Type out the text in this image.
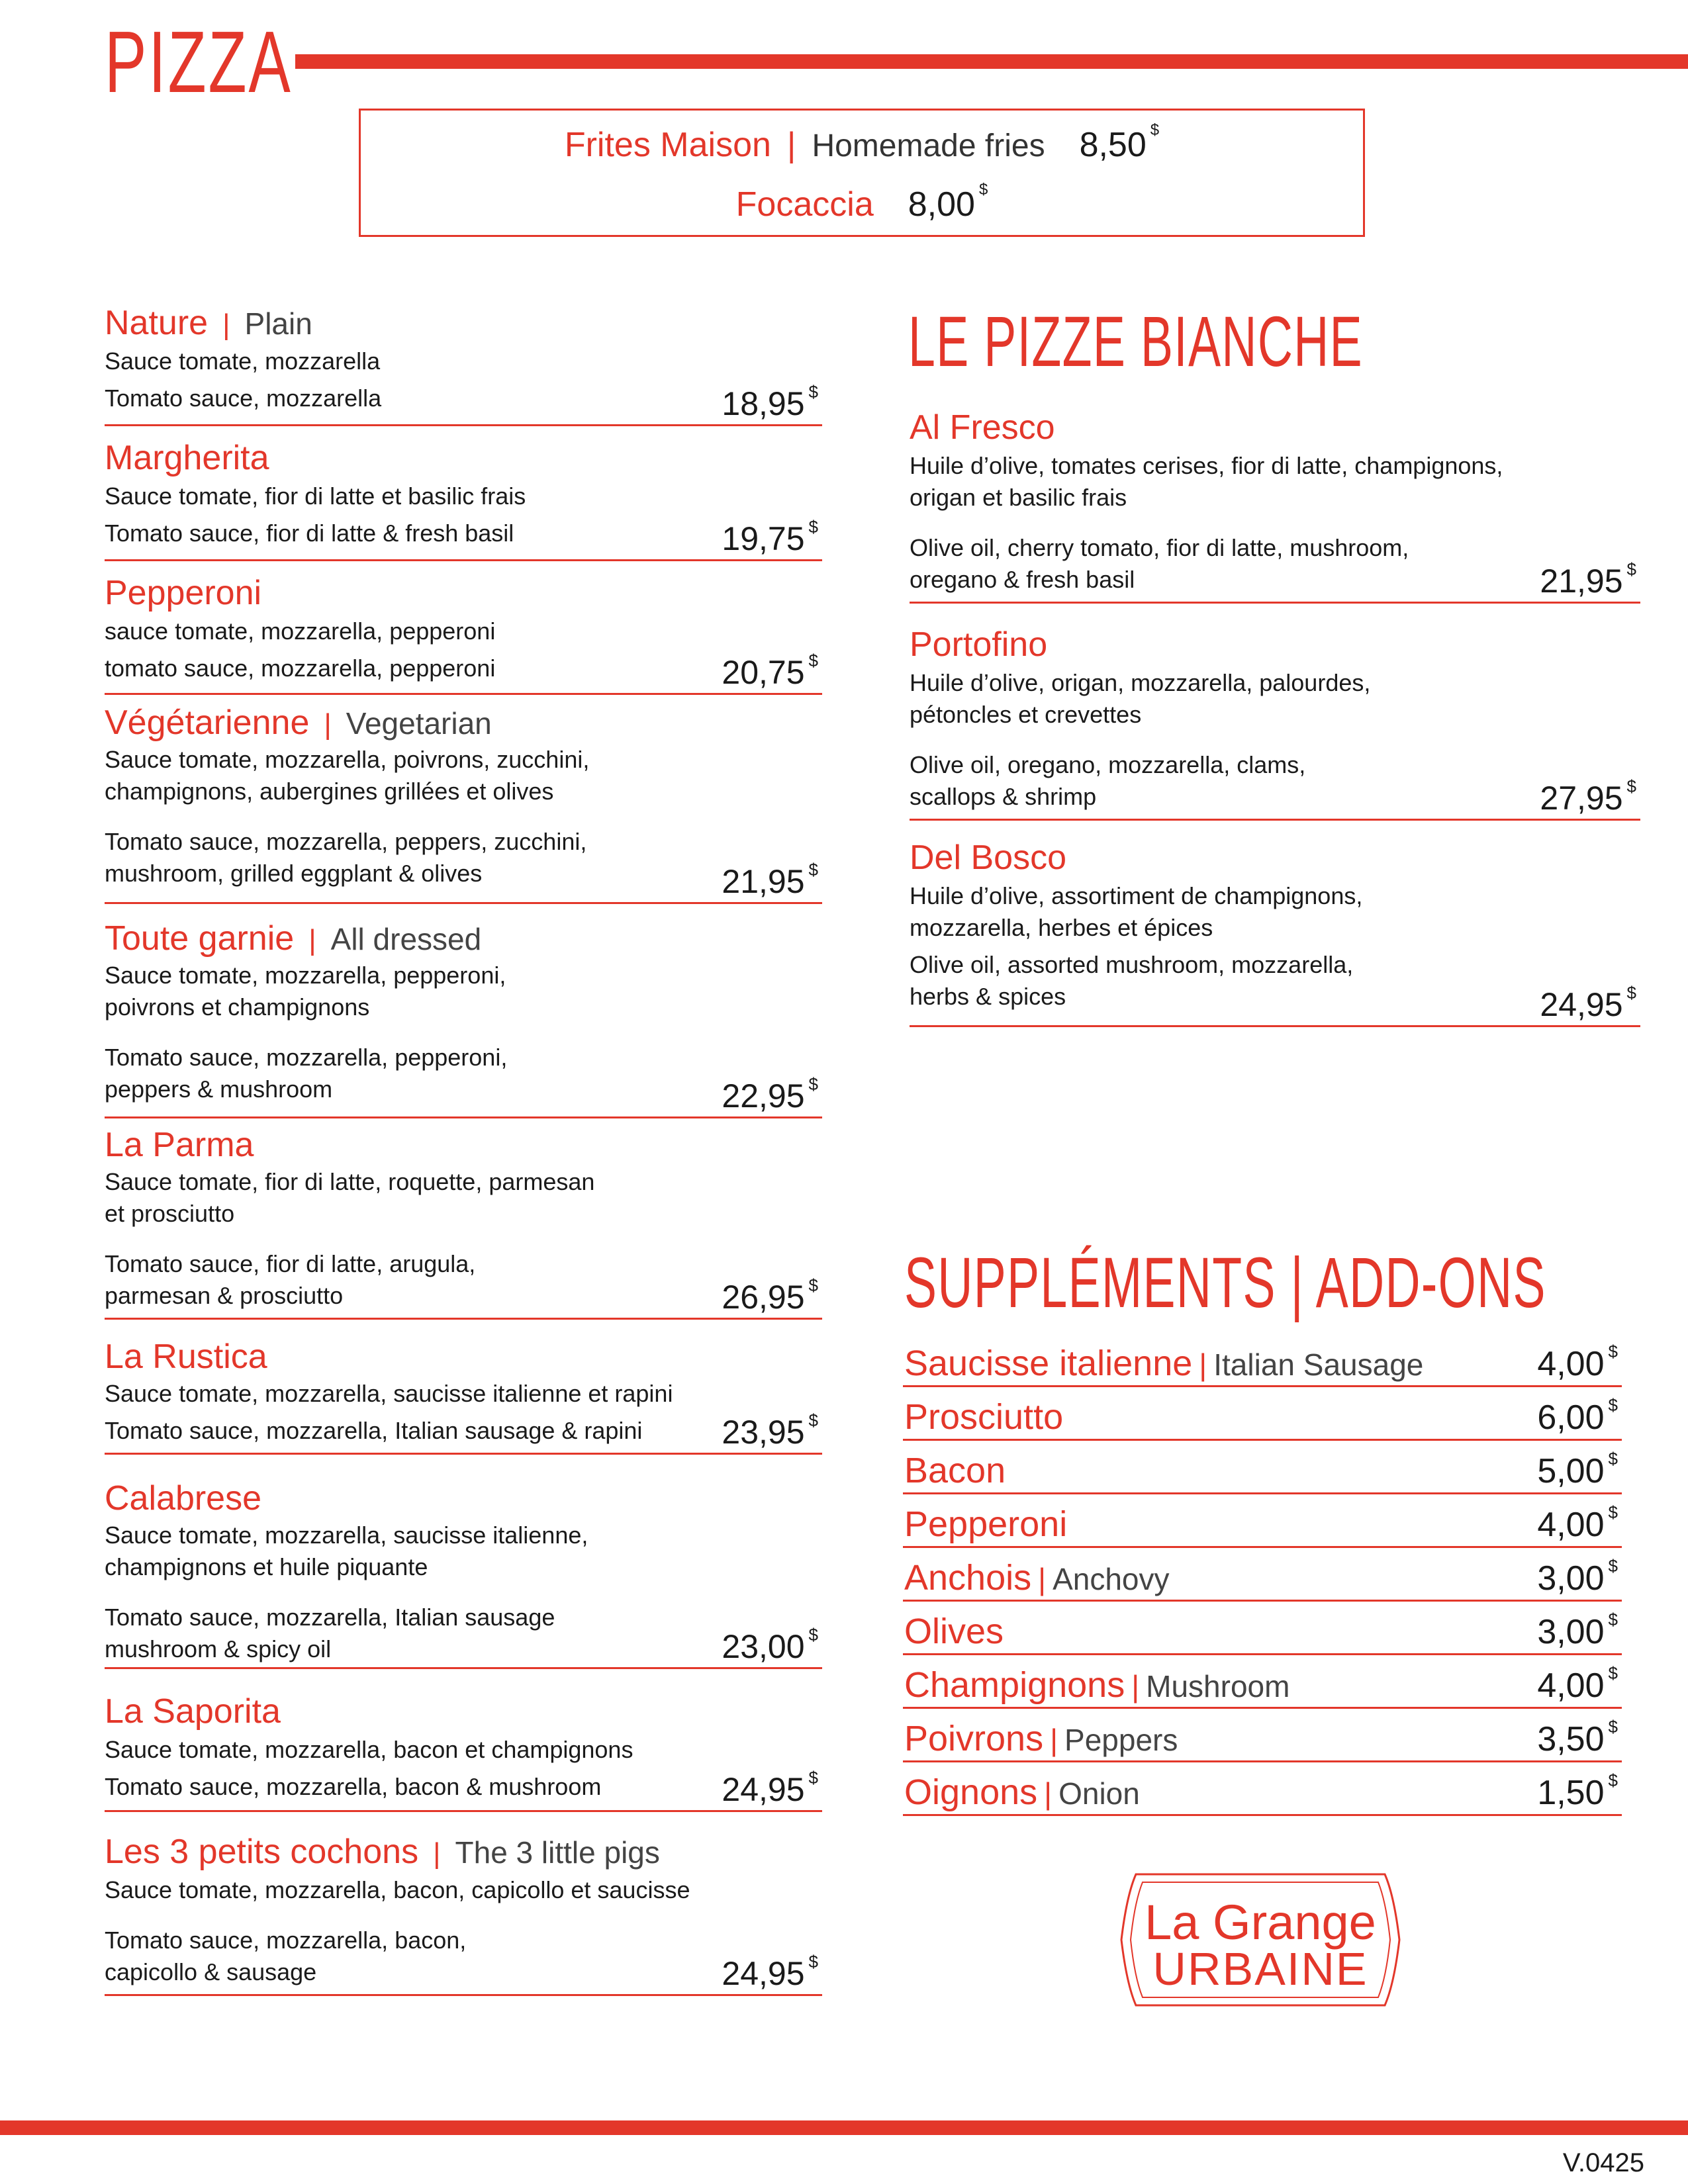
PIZZA
Frites Maison | Homemade fries 8,50 $
Focaccia 8,00 $
Nature | Plain
Sauce tomate, mozzarella
Tomato sauce, mozzarella	18,95 $
Margherita
Sauce tomate, fior di latte et basilic frais
Tomato sauce, fior di latte & fresh basil	19,75 $
Pepperoni
sauce tomate, mozzarella, pepperoni
tomato sauce, mozzarella, pepperoni	20,75 $
Végétarienne | Vegetarian
Sauce tomate, mozzarella, poivrons, zucchini,
champignons, aubergines grillées et olives
Tomato sauce, mozzarella, peppers, zucchini,
mushroom, grilled eggplant & olives	21,95 $
Toute garnie | All dressed
Sauce tomate, mozzarella, pepperoni,
poivrons et champignons
Tomato sauce, mozzarella, pepperoni,
peppers & mushroom	22,95 $
La Parma
Sauce tomate, fior di latte, roquette, parmesan
et prosciutto
Tomato sauce, fior di latte, arugula,
parmesan & prosciutto	26,95 $
La Rustica
Sauce tomate, mozzarella, saucisse italienne et rapini
Tomato sauce, mozzarella, Italian sausage & rapini	23,95 $
Calabrese
Sauce tomate, mozzarella, saucisse italienne,
champignons et huile piquante
Tomato sauce, mozzarella, Italian sausage
mushroom & spicy oil	23,00 $
La Saporita
Sauce tomate, mozzarella, bacon et champignons
Tomato sauce, mozzarella, bacon & mushroom	24,95 $
Les 3 petits cochons | The 3 little pigs
Sauce tomate, mozzarella, bacon, capicollo et saucisse
Tomato sauce, mozzarella, bacon,
capicollo & sausage	24,95 $
LE PIZZE BIANCHE
Al Fresco
Huile d’olive, tomates cerises, fior di latte, champignons,
origan et basilic frais
Olive oil, cherry tomato, fior di latte, mushroom,
oregano & fresh basil	21,95 $
Portofino
Huile d’olive, origan, mozzarella, palourdes,
pétoncles et crevettes
Olive oil, oregano, mozzarella, clams,
scallops & shrimp	27,95 $
Del Bosco
Huile d’olive, assortiment de champignons,
mozzarella, herbes et épices
Olive oil, assorted mushroom, mozzarella,
herbs & spices	24,95 $
SUPPLÉMENTS | ADD-ONS
Saucisse italienne | Italian Sausage	4,00 $
Prosciutto	6,00 $
Bacon	5,00 $
Pepperoni	4,00 $
Anchois | Anchovy	3,00 $
Olives	3,00 $
Champignons | Mushroom	4,00 $
Poivrons | Peppers	3,50 $
Oignons | Onion	1,50 $
La Grange
URBAINE
V.0425
